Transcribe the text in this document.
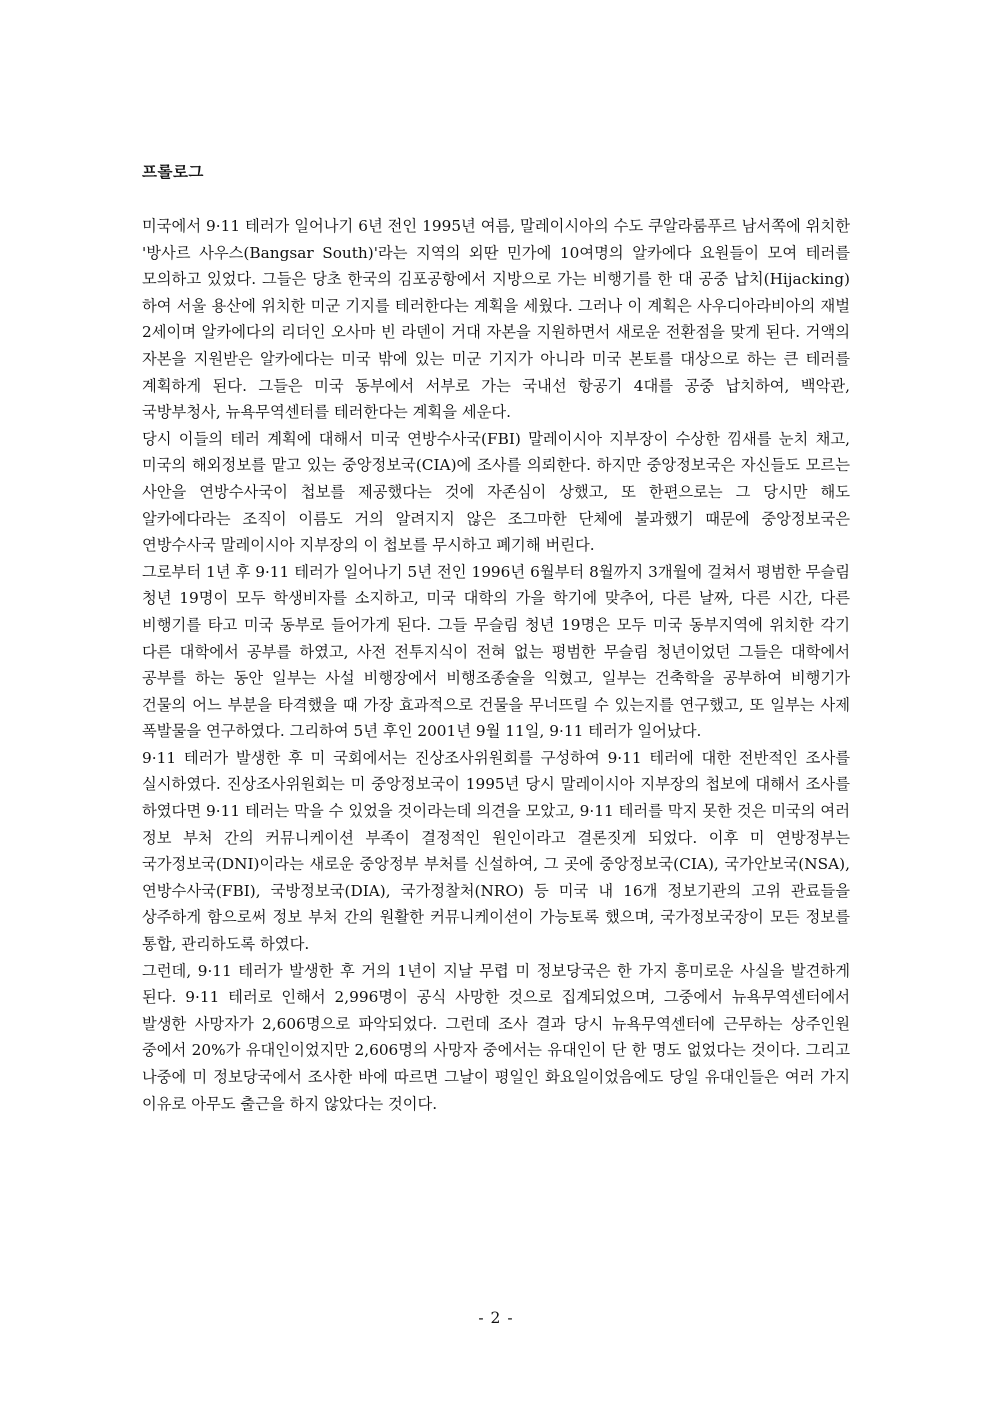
프롤로그

미국에서 9·11 테러가 일어나기 6년 전인 1995년 여름, 말레이시아의 수도 쿠알라룸푸르 남서쪽에 위치한 '방사르 사우스(Bangsar South)'라는 지역의 외딴 민가에 10여명의 알카에다 요원들이 모여 테러를 모의하고 있었다. 그들은 당초 한국의 김포공항에서 지방으로 가는 비행기를 한 대 공중 납치(Hijacking)하여 서울 용산에 위치한 미군 기지를 테러한다는 계획을 세웠다. 그러나 이 계획은 사우디아라비아의 재벌 2세이며 알카에다의 리더인 오사마 빈 라덴이 거대 자본을 지원하면서 새로운 전환점을 맞게 된다. 거액의 자본을 지원받은 알카에다는 미국 밖에 있는 미군 기지가 아니라 미국 본토를 대상으로 하는 큰 테러를 계획하게 된다. 그들은 미국 동부에서 서부로 가는 국내선 항공기 4대를 공중 납치하여, 백악관, 국방부청사, 뉴욕무역센터를 테러한다는 계획을 세운다.

당시 이들의 테러 계획에 대해서 미국 연방수사국(FBI) 말레이시아 지부장이 수상한 낌새를 눈치 채고, 미국의 해외정보를 맡고 있는 중앙정보국(CIA)에 조사를 의뢰한다. 하지만 중앙정보국은 자신들도 모르는 사안을 연방수사국이 첩보를 제공했다는 것에 자존심이 상했고, 또 한편으로는 그 당시만 해도 알카에다라는 조직이 이름도 거의 알려지지 않은 조그마한 단체에 불과했기 때문에 중앙정보국은 연방수사국 말레이시아 지부장의 이 첩보를 무시하고 폐기해 버린다.

그로부터 1년 후 9·11 테러가 일어나기 5년 전인 1996년 6월부터 8월까지 3개월에 걸쳐서 평범한 무슬림 청년 19명이 모두 학생비자를 소지하고, 미국 대학의 가을 학기에 맞추어, 다른 날짜, 다른 시간, 다른 비행기를 타고 미국 동부로 들어가게 된다. 그들 무슬림 청년 19명은 모두 미국 동부지역에 위치한 각기 다른 대학에서 공부를 하였고, 사전 전투지식이 전혀 없는 평범한 무슬림 청년이었던 그들은 대학에서 공부를 하는 동안 일부는 사설 비행장에서 비행조종술을 익혔고, 일부는 건축학을 공부하여 비행기가 건물의 어느 부분을 타격했을 때 가장 효과적으로 건물을 무너뜨릴 수 있는지를 연구했고, 또 일부는 사제 폭발물을 연구하였다. 그리하여 5년 후인 2001년 9월 11일, 9·11 테러가 일어났다.

9·11 테러가 발생한 후 미 국회에서는 진상조사위원회를 구성하여 9·11 테러에 대한 전반적인 조사를 실시하였다. 진상조사위원회는 미 중앙정보국이 1995년 당시 말레이시아 지부장의 첩보에 대해서 조사를 하였다면 9·11 테러는 막을 수 있었을 것이라는데 의견을 모았고, 9·11 테러를 막지 못한 것은 미국의 여러 정보 부처 간의 커뮤니케이션 부족이 결정적인 원인이라고 결론짓게 되었다. 이후 미 연방정부는 국가정보국(DNI)이라는 새로운 중앙정부 부처를 신설하여, 그 곳에 중앙정보국(CIA), 국가안보국(NSA), 연방수사국(FBI), 국방정보국(DIA), 국가정찰처(NRO) 등 미국 내 16개 정보기관의 고위 관료들을 상주하게 함으로써 정보 부처 간의 원활한 커뮤니케이션이 가능토록 했으며, 국가정보국장이 모든 정보를 통합, 관리하도록 하였다.

그런데, 9·11 테러가 발생한 후 거의 1년이 지날 무렵 미 정보당국은 한 가지 흥미로운 사실을 발견하게 된다. 9·11 테러로 인해서 2,996명이 공식 사망한 것으로 집계되었으며, 그중에서 뉴욕무역센터에서 발생한 사망자가 2,606명으로 파악되었다. 그런데 조사 결과 당시 뉴욕무역센터에 근무하는 상주인원 중에서 20%가 유대인이었지만 2,606명의 사망자 중에서는 유대인이 단 한 명도 없었다는 것이다. 그리고 나중에 미 정보당국에서 조사한 바에 따르면 그날이 평일인 화요일이었음에도 당일 유대인들은 여러 가지 이유로 아무도 출근을 하지 않았다는 것이다.

- 2 -
